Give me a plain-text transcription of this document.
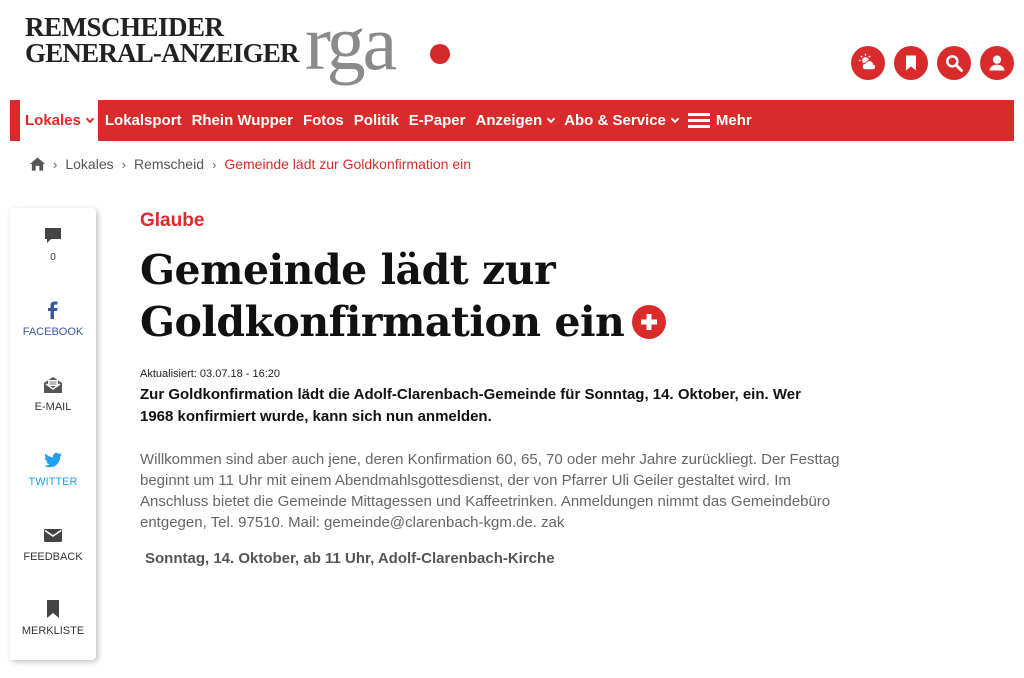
REMSCHEIDER
GENERAL-ANZEIGER rga
Lokales Lokalsport Rhein Wupper Fotos Politik E-Paper Anzeigen Abo & Service	Mehr
› Lokales › Remscheid › Gemeinde lädt zur Goldkonfirmation ein
0
FACEBOOK
E-MAIL
TWITTER
FEEDBACK
MERKLISTE
Glaube
Gemeinde lädt zur
Goldkonfirmation ein
Aktualisiert: 03.07.18 - 16:20

Zur Goldkonfirmation lädt die Adolf-Clarenbach-Gemeinde für Sonntag, 14. Oktober, ein. Wer 1968 konfirmiert wurde, kann sich nun anmelden.

Willkommen sind aber auch jene, deren Konfirmation 60, 65, 70 oder mehr Jahre zurückliegt. Der Festtag beginnt um 11 Uhr mit einem Abendmahlsgottesdienst, der von Pfarrer Uli Geiler gestaltet wird. Im Anschluss bietet die Gemeinde Mittagessen und Kaffeetrinken. Anmeldungen nimmt das Gemeindebüro entgegen, Tel. 97510. Mail: gemeinde@clarenbach-kgm.de. zak

Sonntag, 14. Oktober, ab 11 Uhr, Adolf-Clarenbach-Kirche
